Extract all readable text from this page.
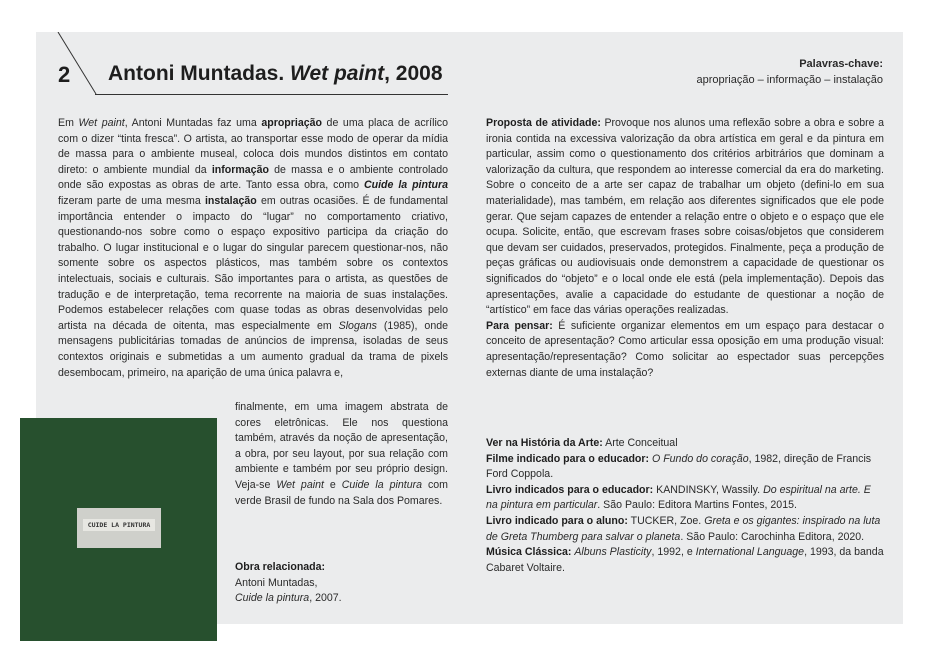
2 Antoni Muntadas. Wet paint, 2008	Palavras-chave:
apropriação – informação – instalação
Em Wet paint, Antoni Muntadas faz uma apropriação de uma placa de acrílico com o dizer “tinta fresca”. O artista, ao transportar esse modo de operar da mídia de massa para o ambiente museal, coloca dois mundos distintos em contato direto: o ambiente mundial da informação de massa e o ambiente controlado onde são expostas as obras de arte. Tanto essa obra, como Cuide la pintura fizeram parte de uma mesma instalação em outras ocasiões. É de fundamental importância entender o impacto do “lugar” no comportamento criativo, questionando-nos sobre como o espaço expositivo participa da criação do trabalho. O lugar institucional e o lugar do singular parecem questionar-nos, não somente sobre os aspectos plásticos, mas também sobre os contextos intelectuais, sociais e culturais. São importantes para o artista, as questões de tradução e de interpretação, tema recorrente na maioria de suas instalações. Podemos estabelecer relações com quase todas as obras desenvolvidas pelo artista na década de oitenta, mas especialmente em Slogans (1985), onde mensagens publicitárias tomadas de anúncios de imprensa, isoladas de seus contextos originais e submetidas a um aumento gradual da trama de pixels desembocam, primeiro, na aparição de uma única palavra e,
finalmente, em uma imagem abstrata de cores eletrônicas. Ele nos questiona também, através da noção de apresentação, a obra, por seu layout, por sua relação com ambiente e também por seu próprio design. Veja-se Wet paint e Cuide la pintura com verde Brasil de fundo na Sala dos Pomares.
Obra relacionada:
Antoni Muntadas,
Cuide la pintura, 2007.
CUIDE LA PINTURA

Proposta de atividade: Provoque nos alunos uma reflexão sobre a obra e sobre a ironia contida na excessiva valorização da obra artística em geral e da pintura em particular, assim como o questionamento dos critérios arbitrários que dominam a valorização da cultura, que respondem ao interesse comercial da era do marketing. Sobre o conceito de a arte ser capaz de trabalhar um objeto (defini-lo em sua materialidade), mas também, em relação aos diferentes significados que ele pode gerar. Que sejam capazes de entender a relação entre o objeto e o espaço que ele ocupa. Solicite, então, que escrevam frases sobre coisas/objetos que considerem que devam ser cuidados, preservados, protegidos. Finalmente, peça a produção de peças gráficas ou audiovisuais onde demonstrem a capacidade de questionar os significados do “objeto” e o local onde ele está (pela implementação). Depois das apresentações, avalie a capacidade do estudante de questionar a noção de “artístico” em face das várias operações realizadas.

Para pensar: É suficiente organizar elementos em um espaço para destacar o conceito de apresentação? Como articular essa oposição em uma produção visual: apresentação/representação? Como solicitar ao espectador suas percepções externas diante de uma instalação?

Ver na História da Arte: Arte Conceitual

Filme indicado para o educador: O Fundo do coração, 1982, direção de Francis Ford Coppola.

Livro indicados para o educador: KANDINSKY, Wassily. Do espiritual na arte. E na pintura em particular. São Paulo: Editora Martins Fontes, 2015.

Livro indicado para o aluno: TUCKER, Zoe. Greta e os gigantes: inspirado na luta de Greta Thumberg para salvar o planeta. São Paulo: Carochinha Editora, 2020.

Música Clássica: Albuns Plasticity, 1992, e International Language, 1993, da banda Cabaret Voltaire.
